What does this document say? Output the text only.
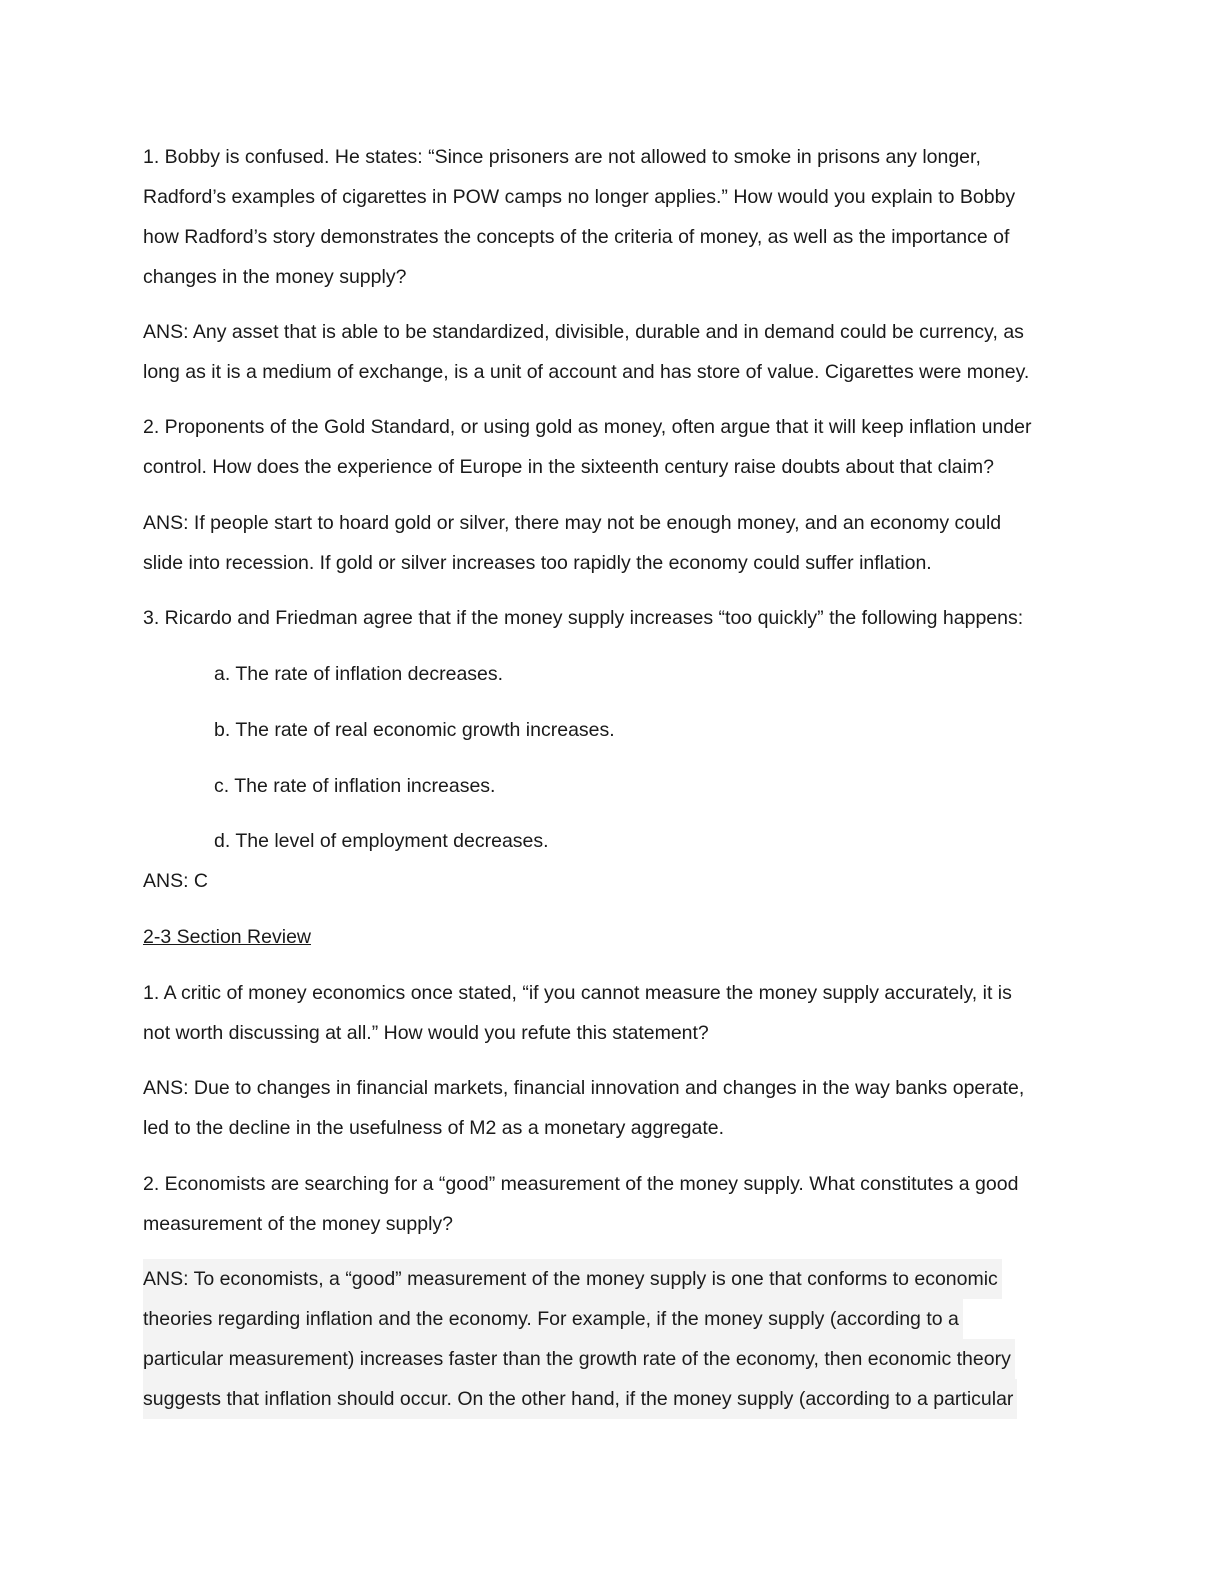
1. Bobby is confused. He states: “Since prisoners are not allowed to smoke in prisons any longer,
Radford’s examples of cigarettes in POW camps no longer applies.” How would you explain to Bobby
how Radford’s story demonstrates the concepts of the criteria of money, as well as the importance of
changes in the money supply?
ANS: Any asset that is able to be standardized, divisible, durable and in demand could be currency, as
long as it is a medium of exchange, is a unit of account and has store of value. Cigarettes were money.
2. Proponents of the Gold Standard, or using gold as money, often argue that it will keep inflation under
control. How does the experience of Europe in the sixteenth century raise doubts about that claim?
ANS: If people start to hoard gold or silver, there may not be enough money, and an economy could
slide into recession. If gold or silver increases too rapidly the economy could suffer inflation.
3. Ricardo and Friedman agree that if the money supply increases “too quickly” the following happens:
a. The rate of inflation decreases.
b. The rate of real economic growth increases.
c. The rate of inflation increases.
d. The level of employment decreases.
ANS: C
2-3 Section Review
1. A critic of money economics once stated, “if you cannot measure the money supply accurately, it is
not worth discussing at all.” How would you refute this statement?
ANS: Due to changes in financial markets, financial innovation and changes in the way banks operate,
led to the decline in the usefulness of M2 as a monetary aggregate.
2. Economists are searching for a “good” measurement of the money supply. What constitutes a good
measurement of the money supply?
ANS: To economists, a “good” measurement of the money supply is one that conforms to economic
theories regarding inflation and the economy. For example, if the money supply (according to a
particular measurement) increases faster than the growth rate of the economy, then economic theory
suggests that inflation should occur. On the other hand, if the money supply (according to a particular
